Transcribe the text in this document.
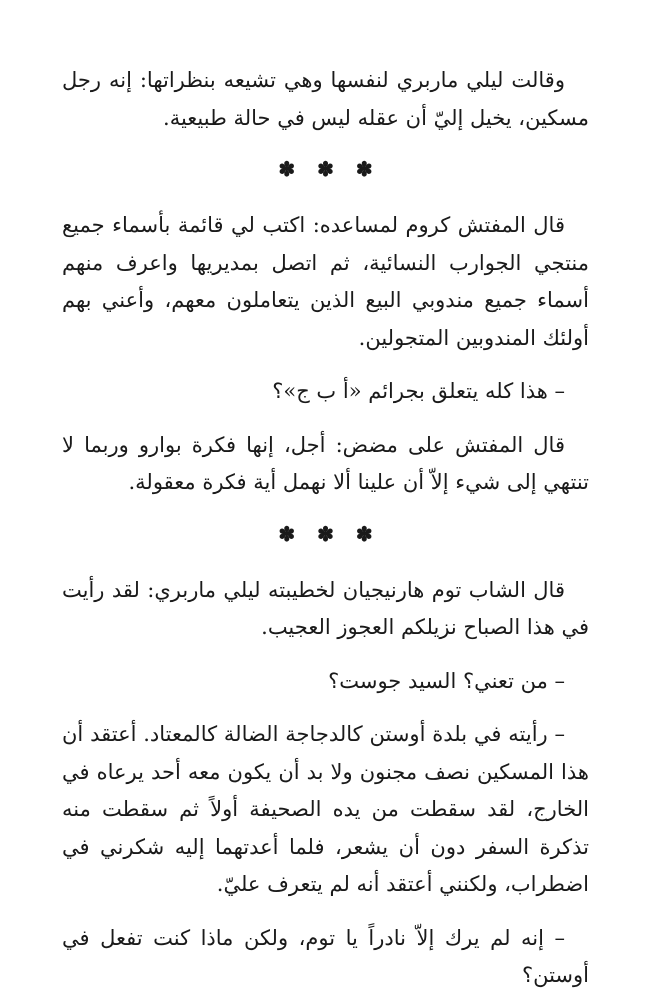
وقالت ليلي ماربري لنفسها وهي تشيعه بنظراتها: إنه رجل مسكين، يخيل إليّ أن عقله ليس في حالة طبيعية.

✽ ✽ ✽

قال المفتش كروم لمساعده: اكتب لي قائمة بأسماء جميع منتجي الجوارب النسائية، ثم اتصل بمديريها واعرف منهم أسماء جميع مندوبي البيع الذين يتعاملون معهم، وأعني بهم أولئك المندوبين المتجولين.

– هذا كله يتعلق بجرائم «أ ب ج»؟

قال المفتش على مضض: أجل، إنها فكرة بوارو وربما لا تنتهي إلى شيء إلاّ أن علينا ألا نهمل أية فكرة معقولة.

✽ ✽ ✽

قال الشاب توم هارنيجيان لخطيبته ليلي ماربري: لقد رأيت في هذا الصباح نزيلكم العجوز العجيب.

– من تعني؟ السيد جوست؟

– رأيته في بلدة أوستن كالدجاجة الضالة كالمعتاد. أعتقد أن هذا المسكين نصف مجنون ولا بد أن يكون معه أحد يرعاه في الخارج، لقد سقطت من يده الصحيفة أولاً ثم سقطت منه تذكرة السفر دون أن يشعر، فلما أعدتهما إليه شكرني في اضطراب، ولكنني أعتقد أنه لم يتعرف عليّ.

– إنه لم يرك إلاّ نادراً يا توم، ولكن ماذا كنت تفعل في أوستن؟
